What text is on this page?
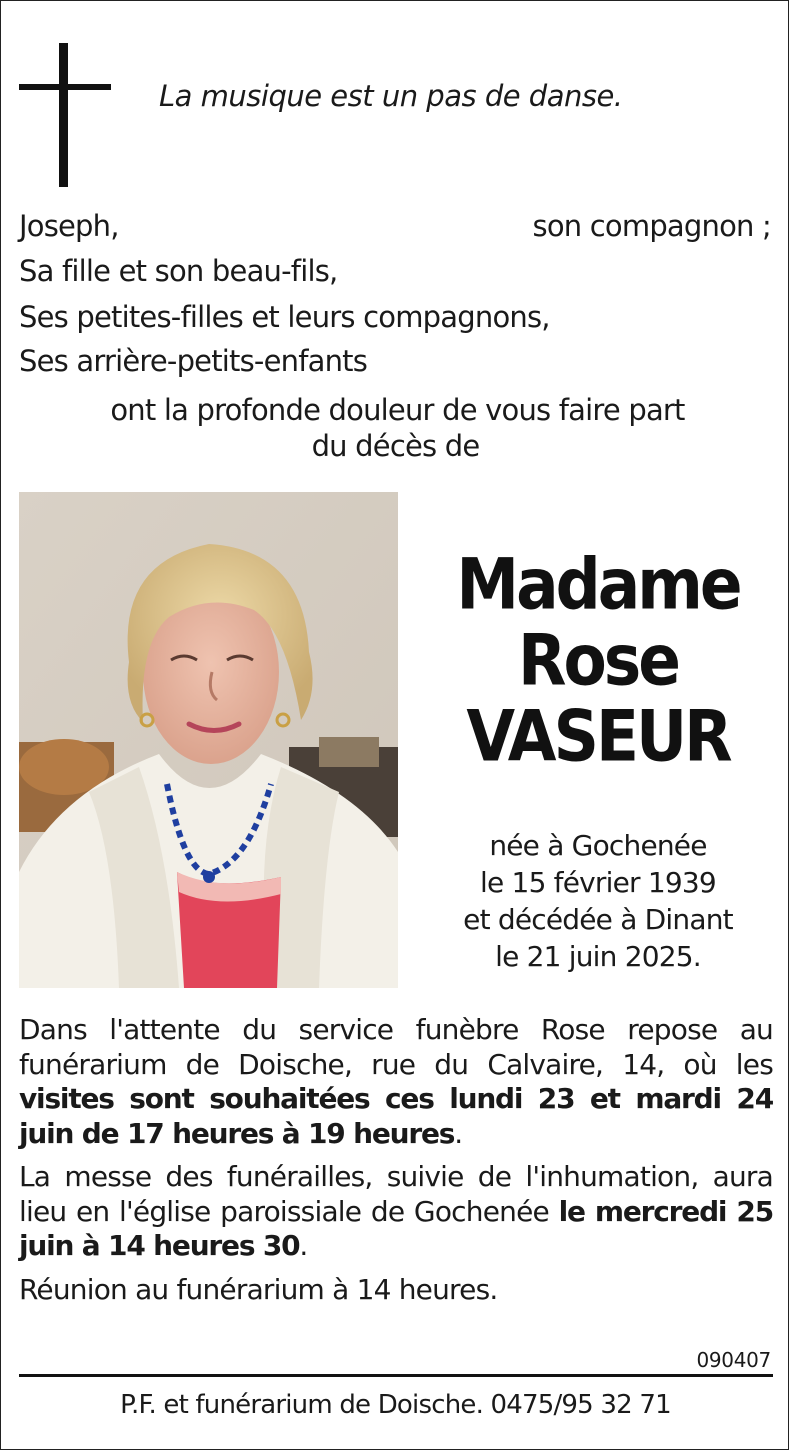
La musique est un pas de danse.
Joseph,	son compagnon ;
Sa fille et son beau-fils,
Ses petites-filles et leurs compagnons,
Ses arrière-petits-enfants
ont la profonde douleur de vous faire part
du décès de
Madame
Rose
VASEUR
née à Gochenée
le 15 février 1939
et décédée à Dinant
le 21 juin 2025.

Dans l'attente du service funèbre Rose repose au funérarium de Doische, rue du Calvaire, 14, où les visites sont souhaitées ces lundi 23 et mardi 24 juin de 17 heures à 19 heures.

La messe des funérailles, suivie de l'inhumation, aura lieu en l'église paroissiale de Gochenée le mercredi 25 juin à 14 heures 30.

Réunion au funérarium à 14 heures.

090407
P.F. et funérarium de Doische. 0475/95 32 71
